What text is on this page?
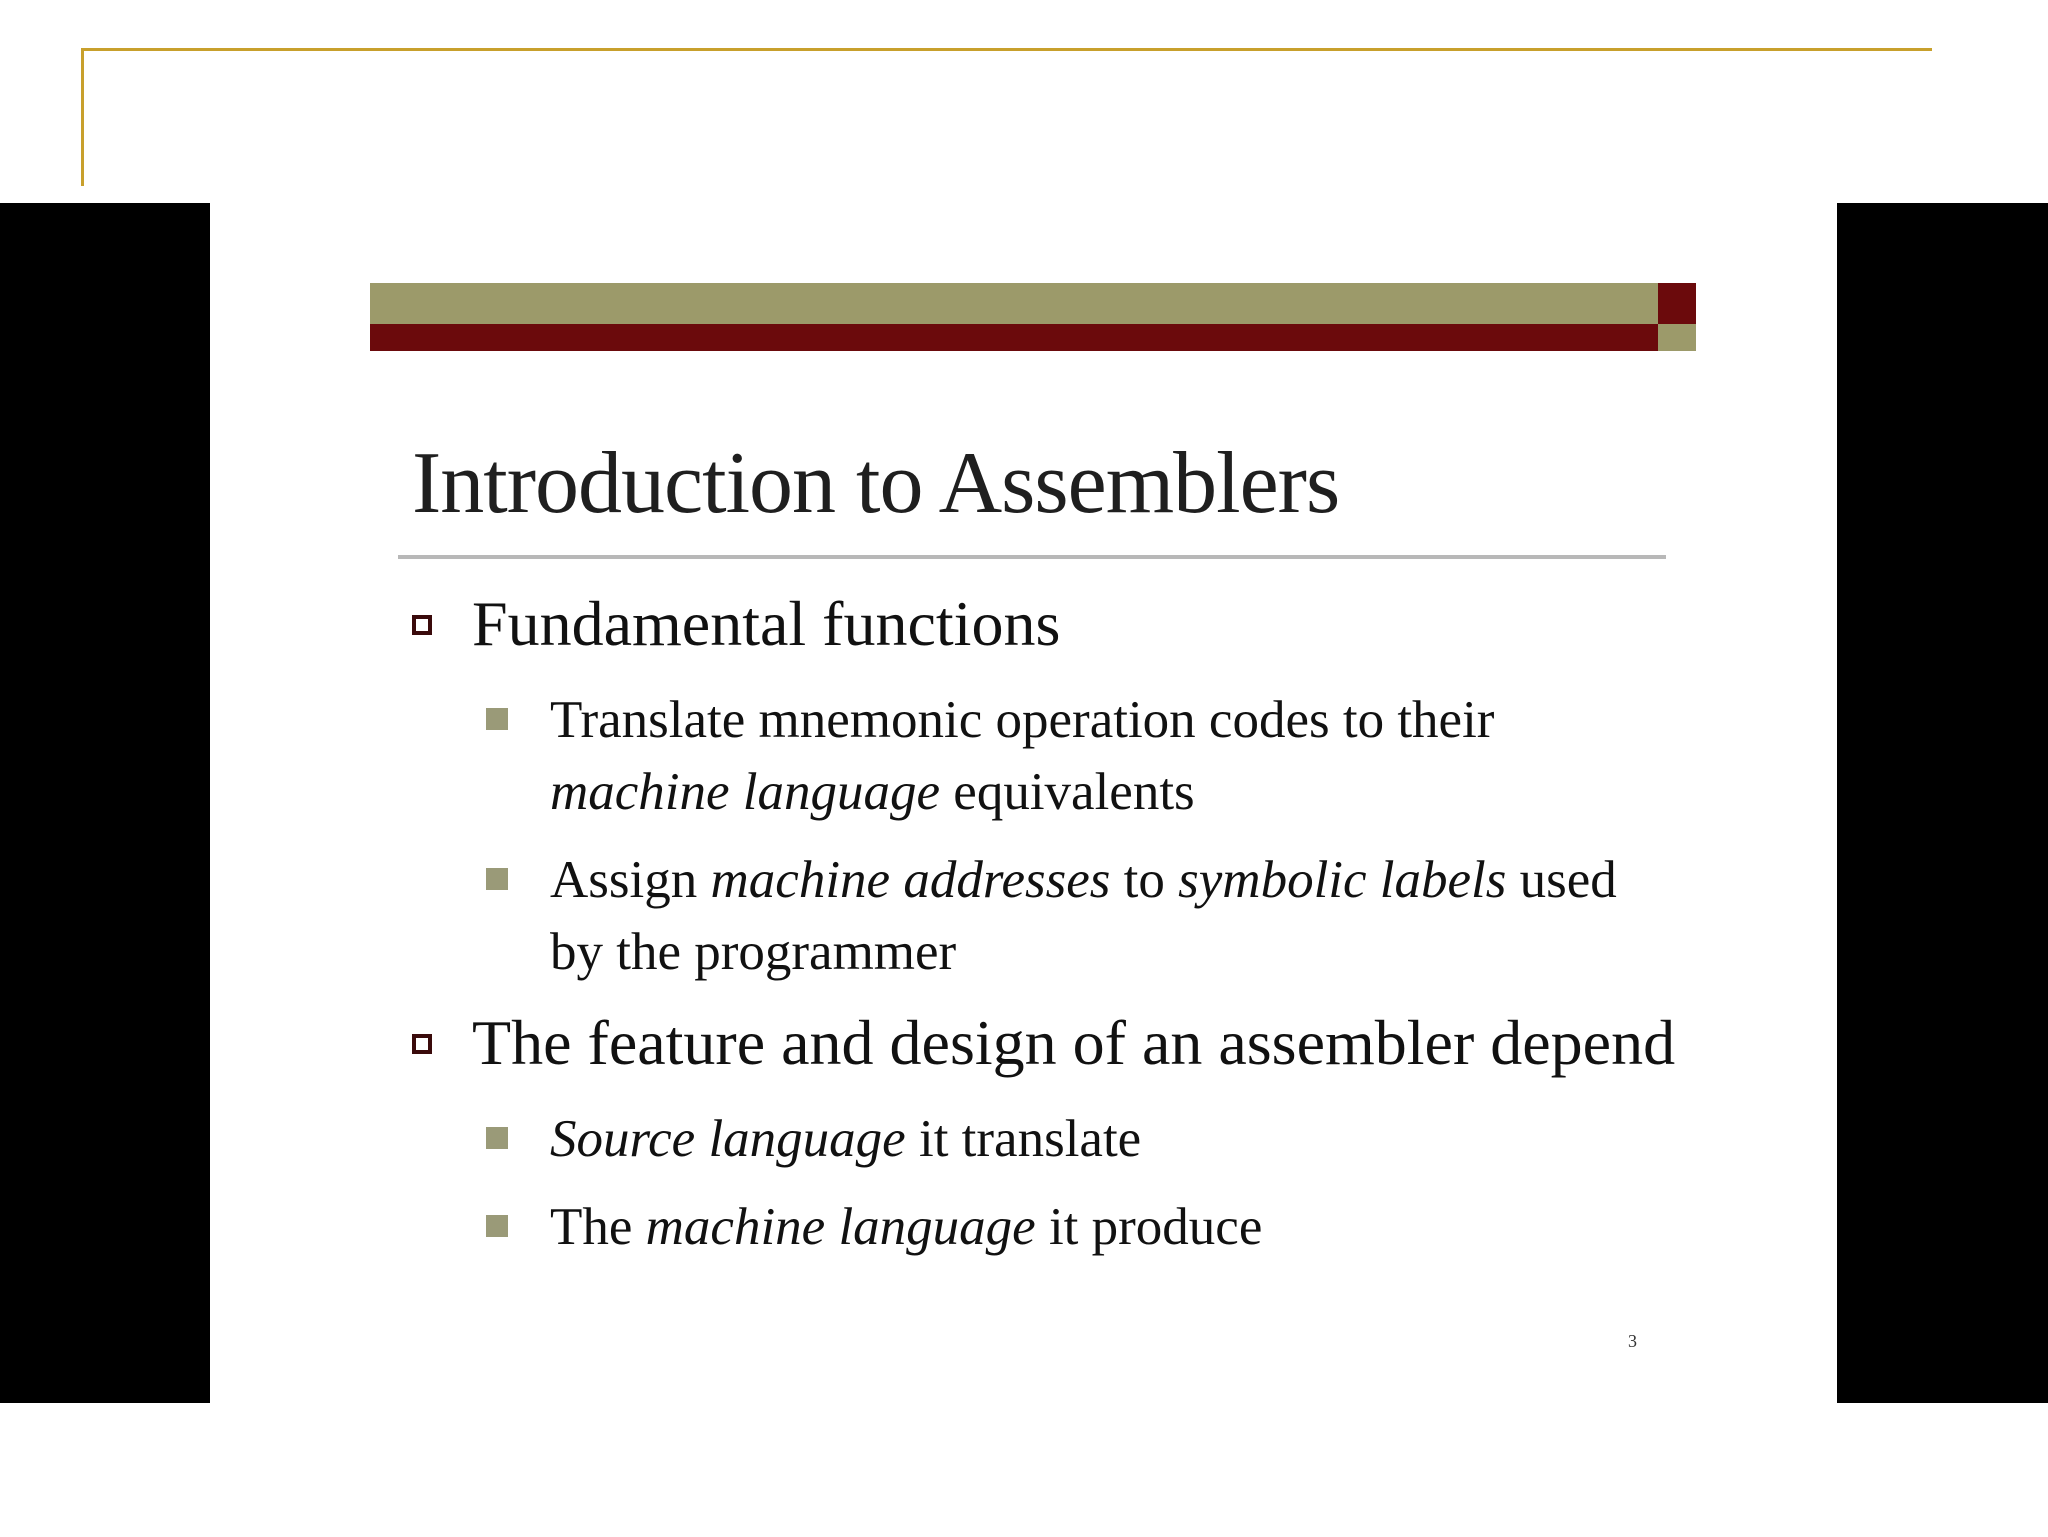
Introduction to Assemblers
Fundamental functions
Translate mnemonic operation codes to their
machine language equivalents
Assign machine addresses to symbolic labels used
by the programmer
The feature and design of an assembler depend
Source language it translate
The machine language it produce
3
